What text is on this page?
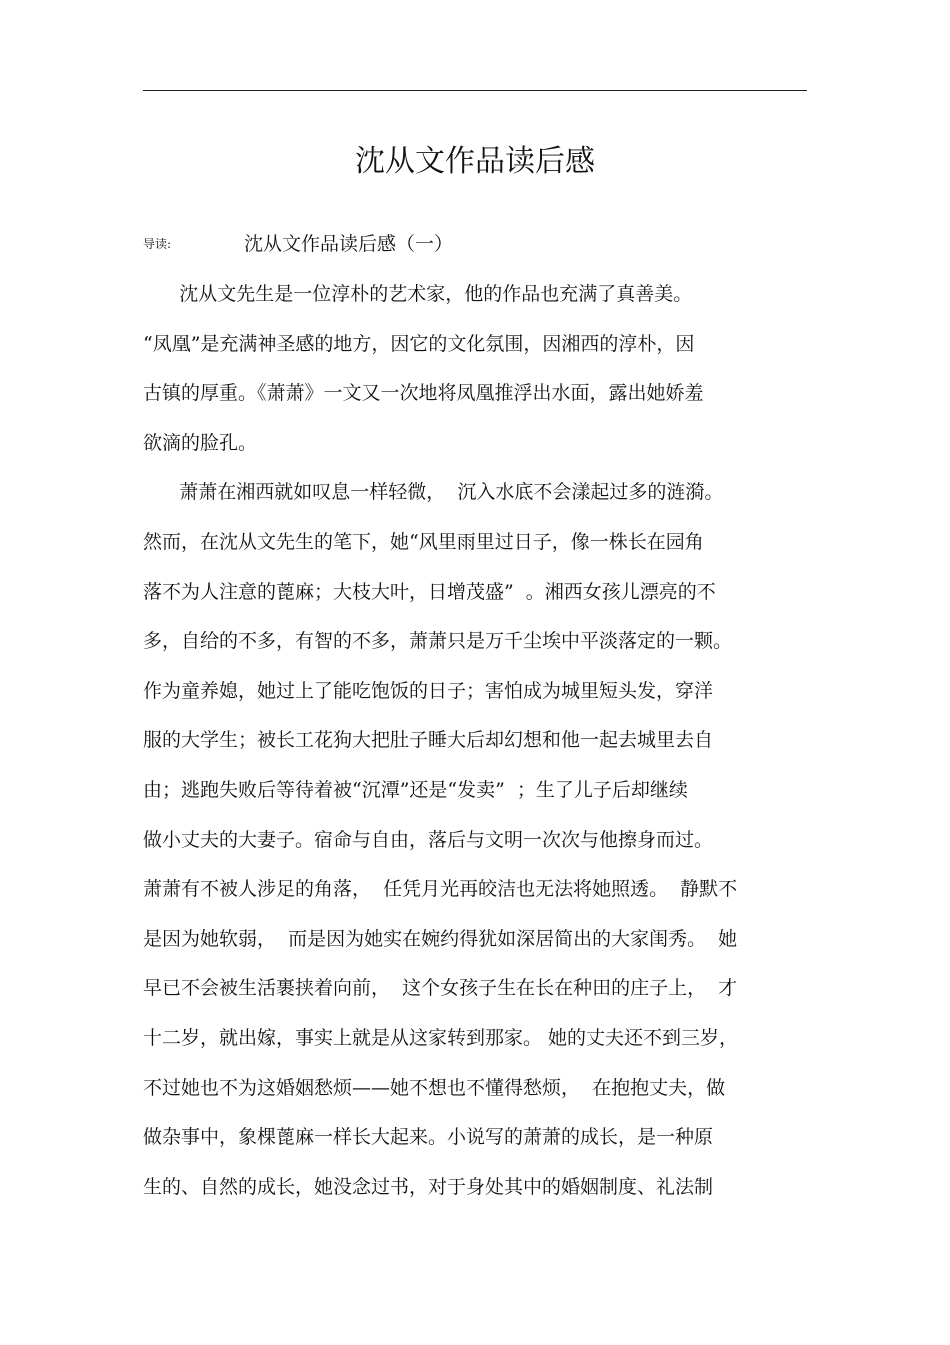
沈从文作品读后感
导读:	沈从文作品读后感（一）
沈从文先生是一位淳朴的艺术家，他的作品也充满了真善美。
“凤凰”是充满神圣感的地方，因它的文化氛围，因湘西的淳朴，因
古镇的厚重。《萧萧》一文又一次地将凤凰推浮出水面，露出她娇羞
欲滴的脸孔。
萧萧在湘西就如叹息一样轻微，  沉入水底不会漾起过多的涟漪。
然而，在沈从文先生的笔下，她“风里雨里过日子，像一株长在园角
落不为人注意的蓖麻；大枝大叶，日增茂盛”  。湘西女孩儿漂亮的不
多，自给的不多，有智的不多，萧萧只是万千尘埃中平淡落定的一颗。
作为童养媳，她过上了能吃饱饭的日子；害怕成为城里短头发，穿洋
服的大学生；被长工花狗大把肚子睡大后却幻想和他一起去城里去自
由；逃跑失败后等待着被“沉潭”还是“发卖”  ；生了儿子后却继续
做小丈夫的大妻子。宿命与自由，落后与文明一次次与他擦身而过。
萧萧有不被人涉足的角落，  任凭月光再皎洁也无法将她照透。  静默不
是因为她软弱，  而是因为她实在婉约得犹如深居简出的大家闺秀。  她
早已不会被生活裹挟着向前，  这个女孩子生在长在种田的庄子上，  才
十二岁，就出嫁，事实上就是从这家转到那家。 她的丈夫还不到三岁，
不过她也不为这婚姻愁烦——她不想也不懂得愁烦，  在抱抱丈夫，做
做杂事中，象棵蓖麻一样长大起来。小说写的萧萧的成长，是一种原
生的、自然的成长，她没念过书，对于身处其中的婚姻制度、礼法制
